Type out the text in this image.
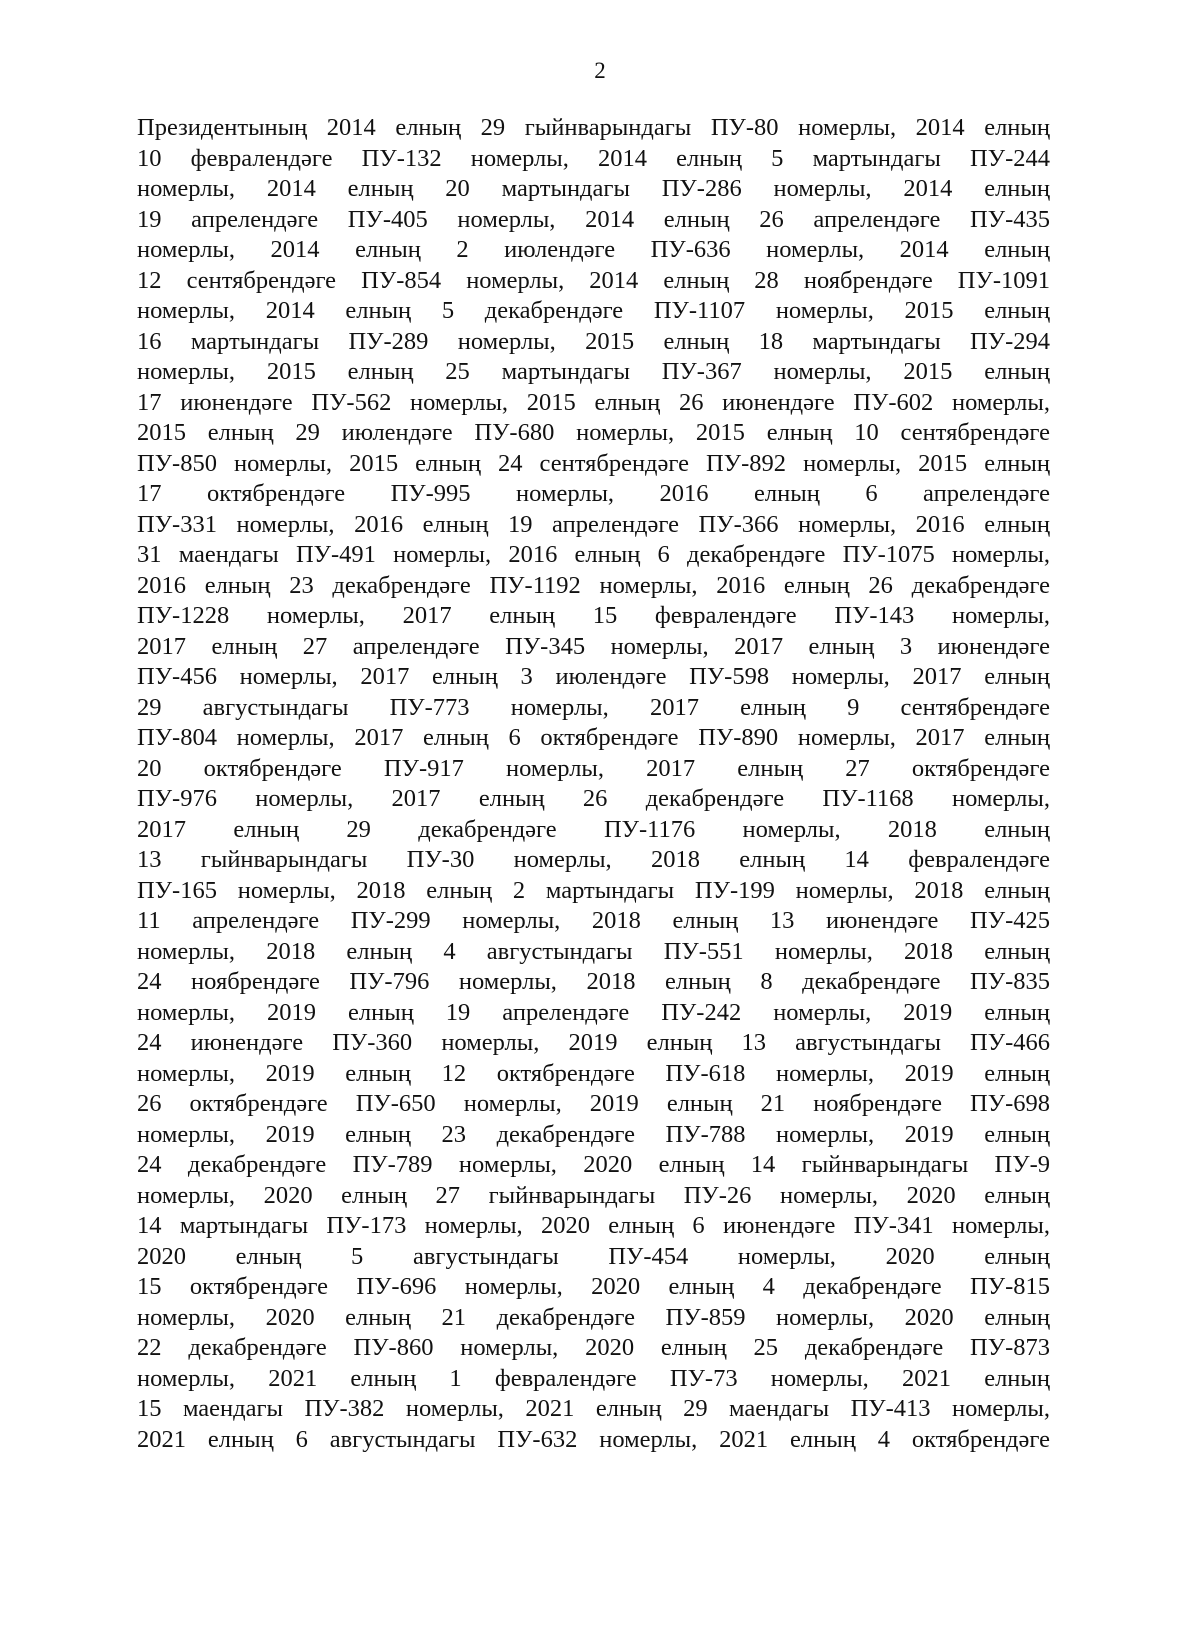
2
Президентының 2014 елның 29 гыйнварындагы ПУ-80 номерлы, 2014 елның
10 февралендәге ПУ-132 номерлы, 2014 елның 5 мартындагы ПУ-244
номерлы, 2014 елның 20 мартындагы ПУ-286 номерлы, 2014 елның
19 апрелендәге ПУ-405 номерлы, 2014 елның 26 апрелендәге ПУ-435
номерлы, 2014 елның 2 июлендәге ПУ-636 номерлы, 2014 елның
12 сентябрендәге ПУ-854 номерлы, 2014 елның 28 ноябрендәге ПУ-1091
номерлы, 2014 елның 5 декабрендәге ПУ-1107 номерлы, 2015 елның
16 мартындагы ПУ-289 номерлы, 2015 елның 18 мартындагы ПУ-294
номерлы, 2015 елның 25 мартындагы ПУ-367 номерлы, 2015 елның
17 июнендәге ПУ-562 номерлы, 2015 елның 26 июнендәге ПУ-602 номерлы,
2015 елның 29 июлендәге ПУ-680 номерлы, 2015 елның 10 сентябрендәге
ПУ-850 номерлы, 2015 елның 24 сентябрендәге ПУ-892 номерлы, 2015 елның
17 октябрендәге ПУ-995 номерлы, 2016 елның 6 апрелендәге
ПУ-331 номерлы, 2016 елның 19 апрелендәге ПУ-366 номерлы, 2016 елның
31 маендагы ПУ-491 номерлы, 2016 елның 6 декабрендәге ПУ-1075 номерлы,
2016 елның 23 декабрендәге ПУ-1192 номерлы, 2016 елның 26 декабрендәге
ПУ-1228 номерлы, 2017 елның 15 февралендәге ПУ-143 номерлы,
2017 елның 27 апрелендәге ПУ-345 номерлы, 2017 елның 3 июнендәге
ПУ-456 номерлы, 2017 елның 3 июлендәге ПУ-598 номерлы, 2017 елның
29 августындагы ПУ-773 номерлы, 2017 елның 9 сентябрендәге
ПУ-804 номерлы, 2017 елның 6 октябрендәге ПУ-890 номерлы, 2017 елның
20 октябрендәге ПУ-917 номерлы, 2017 елның 27 октябрендәге
ПУ-976 номерлы, 2017 елның 26 декабрендәге ПУ-1168 номерлы,
2017 елның 29 декабрендәге ПУ-1176 номерлы, 2018 елның
13 гыйнварындагы ПУ-30 номерлы, 2018 елның 14 февралендәге
ПУ-165 номерлы, 2018 елның 2 мартындагы ПУ-199 номерлы, 2018 елның
11 апрелендәге ПУ-299 номерлы, 2018 елның 13 июнендәге ПУ-425
номерлы, 2018 елның 4 августындагы ПУ-551 номерлы, 2018 елның
24 ноябрендәге ПУ-796 номерлы, 2018 елның 8 декабрендәге ПУ-835
номерлы, 2019 елның 19 апрелендәге ПУ-242 номерлы, 2019 елның
24 июнендәге ПУ-360 номерлы, 2019 елның 13 августындагы ПУ-466
номерлы, 2019 елның 12 октябрендәге ПУ-618 номерлы, 2019 елның
26 октябрендәге ПУ-650 номерлы, 2019 елның 21 ноябрендәге ПУ-698
номерлы, 2019 елның 23 декабрендәге ПУ-788 номерлы, 2019 елның
24 декабрендәге ПУ-789 номерлы, 2020 елның 14 гыйнварындагы ПУ-9
номерлы, 2020 елның 27 гыйнварындагы ПУ-26 номерлы, 2020 елның
14 мартындагы ПУ-173 номерлы, 2020 елның 6 июнендәге ПУ-341 номерлы,
2020 елның 5 августындагы ПУ-454 номерлы, 2020 елның
15 октябрендәге ПУ-696 номерлы, 2020 елның 4 декабрендәге ПУ-815
номерлы, 2020 елның 21 декабрендәге ПУ-859 номерлы, 2020 елның
22 декабрендәге ПУ-860 номерлы, 2020 елның 25 декабрендәге ПУ-873
номерлы, 2021 елның 1 февралендәге ПУ-73 номерлы, 2021 елның
15 маендагы ПУ-382 номерлы, 2021 елның 29 маендагы ПУ-413 номерлы,
2021 елның 6 августындагы ПУ-632 номерлы, 2021 елның 4 октябрендәге
